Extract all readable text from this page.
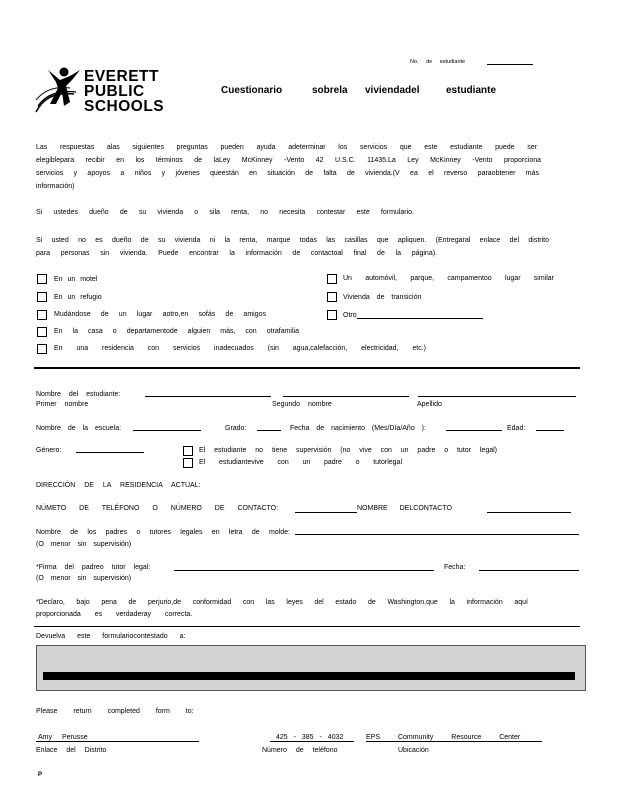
No. de estudiante
EVERETT
PUBLIC
SCHOOLS
Cuestionario	sobrela viviendadel	estudiante
Las respuestas alas siguientes preguntas pueden ayuda adeterminar los servicios que este estudiante puede ser
elegiblepara recibir en los términos de laLey McKinney -Vento 42 U.S.C. 11435.La Ley McKinney -Vento proporciona
servicios y apoyos a niños y jóvenes queestán en situación de falta de vivienda.(V ea el reverso paraobtener más
información)
Si ustedes dueño de su vivienda o sila renta, no necesita contestar este formulario.
Si usted no es dueño de su vivienda ni la renta, marque todas las casillas que apliquen. (Entregaral enlace del distrito
para personas sin vivienda. Puede encontrar la información de contactoal final de la página).
En un motel
En un refugio
Mudándose de un lugar aotro,en sofás de amigos
En la casa o departamentode alguien más, con otrafamilia
En una residencia con servicios inadecuados (sin agua,calefacción, electricidad, etc.)
Un automóvil, parque, campamentoo lugar similar
Vivienda de transición
Otro
Nombre del estudiante:
Primer nombre	Segundo nombre	Apellido
Nombre de la escuela:	Grado:	Fecha de nacimiento (Mes/Día/Año ):	Edad:
Género:	El estudiante no tiene supervisión (no vive con un padre o tutor legal)
El estudiantevive con un padre o tutorlegal
DIRECCIÓN DE LA RESIDENCIA ACTUAL:
NÚMETO DE TELÉFONO O NÚMERO DE CONTACTO:	NOMBRE DELCONTACTO
Nombre de los padres o tutores legales en letra de molde:
(O menor sin supervisión)
*Firma del padreo tutor legal:	Fecha:
(O menor sin supervisión)
*Declaro, bajo pena de perjurio,de conformidad con las leyes del estado de Washington,que la información aquí
proporcionada es verdaderay correcta.
Devuelva este formulariocontestado a:
Please return completed form to:
Amy Perusse	425 - 385 - 4032	EPS Community Resource Center
Enlace del Distrito	Número de teléfono	Ubicación
P
